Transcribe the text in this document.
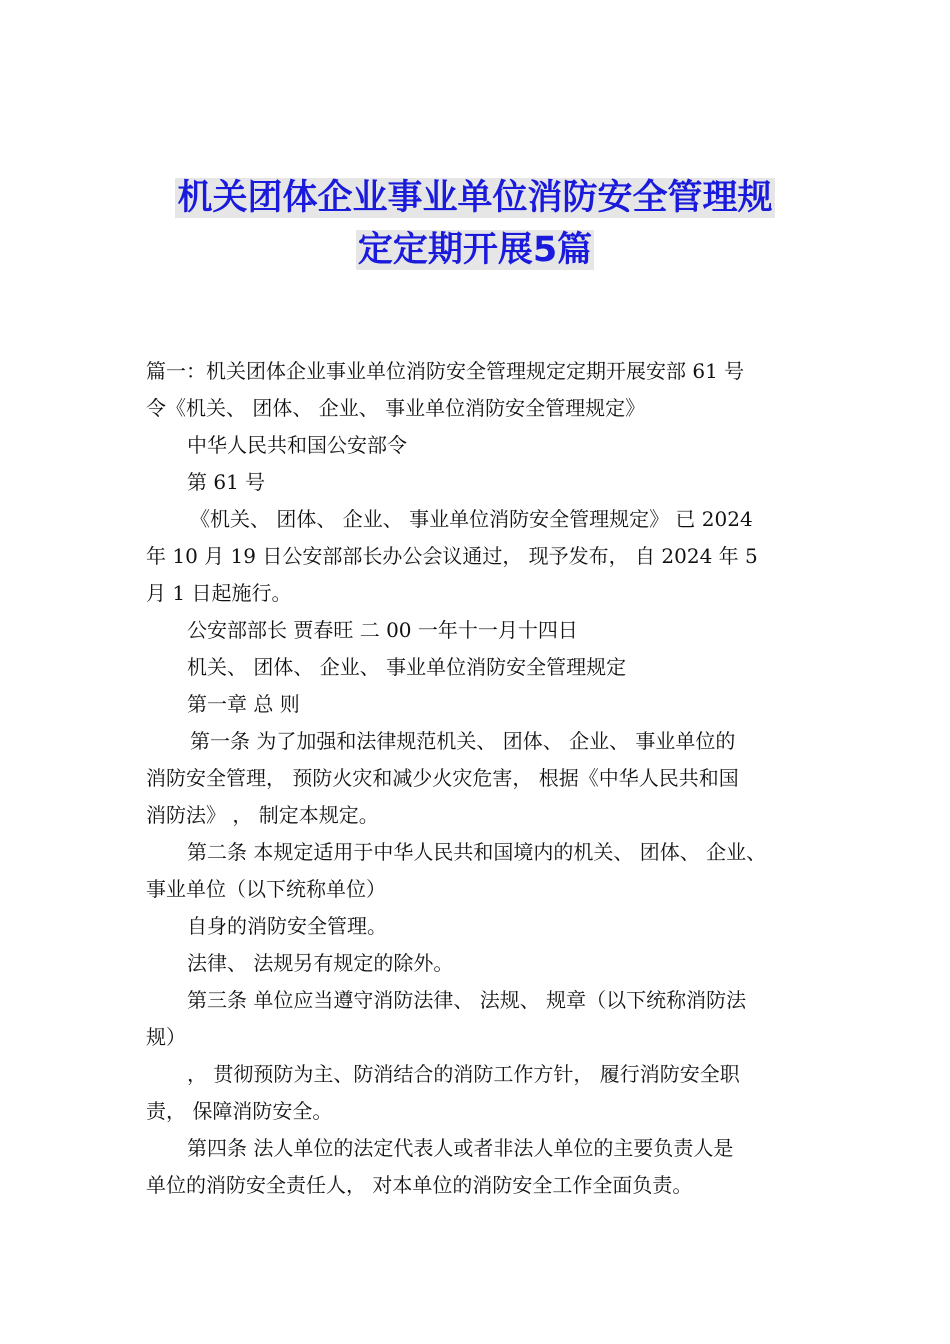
机关团体企业事业单位消防安全管理规
定定期开展5篇

篇一：机关团体企业事业单位消防安全管理规定定期开展安部 61 号

令《机关、 团体、 企业、 事业单位消防安全管理规定》

中华人民共和国公安部令

第 61 号

《机关、 团体、 企业、 事业单位消防安全管理规定》 已 2024

年 10 月 19 日公安部部长办公会议通过， 现予发布， 自 2024 年 5

月 1 日起施行。

公安部部长 贾春旺 二 00 一年十一月十四日

机关、 团体、 企业、 事业单位消防安全管理规定

第一章 总 则

第一条 为了加强和法律规范机关、 团体、 企业、 事业单位的

消防安全管理， 预防火灾和减少火灾危害， 根据《中华人民共和国

消防法》 ， 制定本规定。

第二条 本规定适用于中华人民共和国境内的机关、 团体、 企业、

事业单位（以下统称单位）

自身的消防安全管理。

法律、 法规另有规定的除外。

第三条 单位应当遵守消防法律、 法规、 规章（以下统称消防法

规）

， 贯彻预防为主、防消结合的消防工作方针， 履行消防安全职

责， 保障消防安全。

第四条 法人单位的法定代表人或者非法人单位的主要负责人是

单位的消防安全责任人， 对本单位的消防安全工作全面负责。
